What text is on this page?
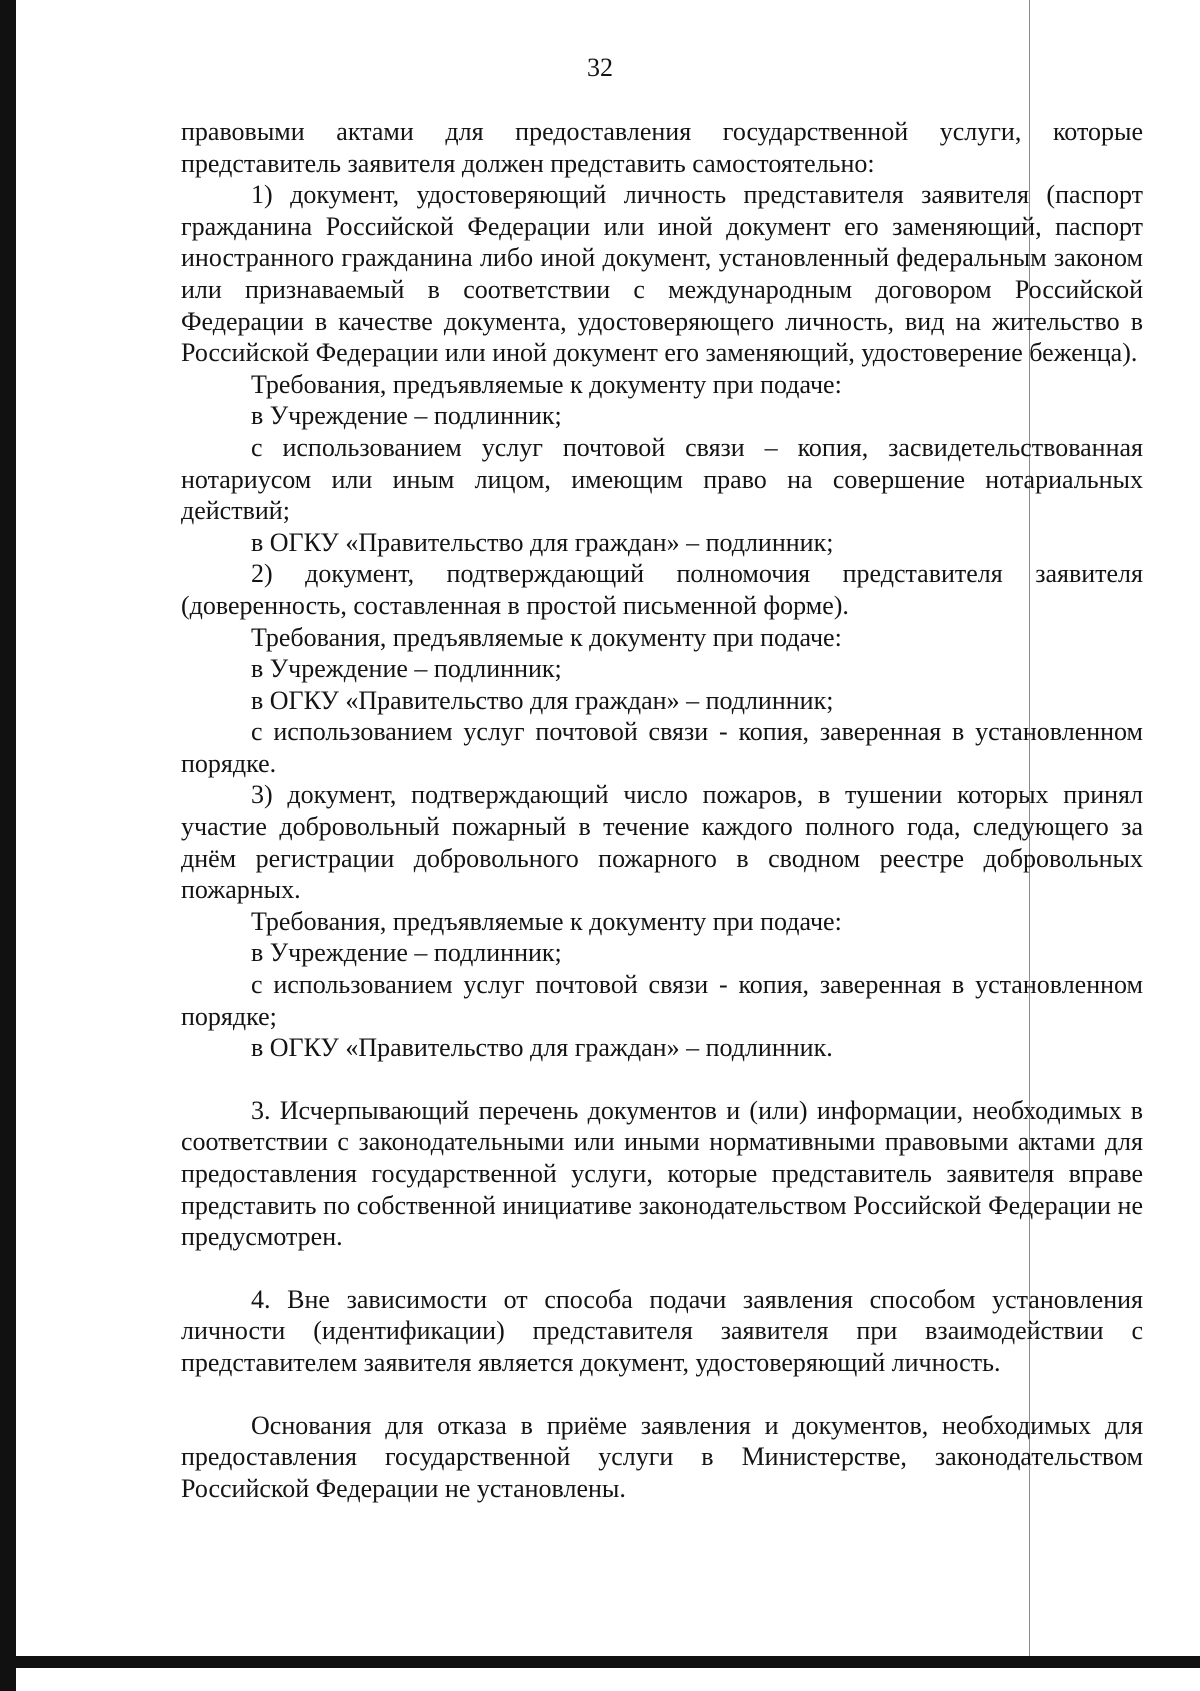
32

правовыми актами для предоставления государственной услуги, которые представитель заявителя должен представить самостоятельно:

1) документ, удостоверяющий личность представителя заявителя (паспорт гражданина Российской Федерации или иной документ его заменяющий, паспорт иностранного гражданина либо иной документ, установленный федеральным законом или признаваемый в соответствии с международным договором Российской Федерации в качестве документа, удостоверяющего личность, вид на жительство в Российской Федерации или иной документ его заменяющий, удостоверение беженца).

Требования, предъявляемые к документу при подаче:

в Учреждение – подлинник;

с использованием услуг почтовой связи – копия, засвидетельствованная нотариусом или иным лицом, имеющим право на совершение нотариальных действий;

в ОГКУ «Правительство для граждан» – подлинник;

2) документ, подтверждающий полномочия представителя заявителя (доверенность, составленная в простой письменной форме).

Требования, предъявляемые к документу при подаче:

в Учреждение – подлинник;

в ОГКУ «Правительство для граждан» – подлинник;

с использованием услуг почтовой связи - копия, заверенная в установленном порядке.

3) документ, подтверждающий число пожаров, в тушении которых принял участие добровольный пожарный в течение каждого полного года, следующего за днём регистрации добровольного пожарного в сводном реестре добровольных пожарных.

Требования, предъявляемые к документу при подаче:

в Учреждение – подлинник;

с использованием услуг почтовой связи - копия, заверенная в установленном порядке;

в ОГКУ «Правительство для граждан» – подлинник.

3. Исчерпывающий перечень документов и (или) информации, необходимых в соответствии с законодательными или иными нормативными правовыми актами для предоставления государственной услуги, которые представитель заявителя вправе представить по собственной инициативе законодательством Российской Федерации не предусмотрен.

4. Вне зависимости от способа подачи заявления способом установления личности (идентификации) представителя заявителя при взаимодействии с представителем заявителя является документ, удостоверяющий личность.

Основания для отказа в приёме заявления и документов, необходимых для предоставления государственной услуги в Министерстве, законодательством Российской Федерации не установлены.
